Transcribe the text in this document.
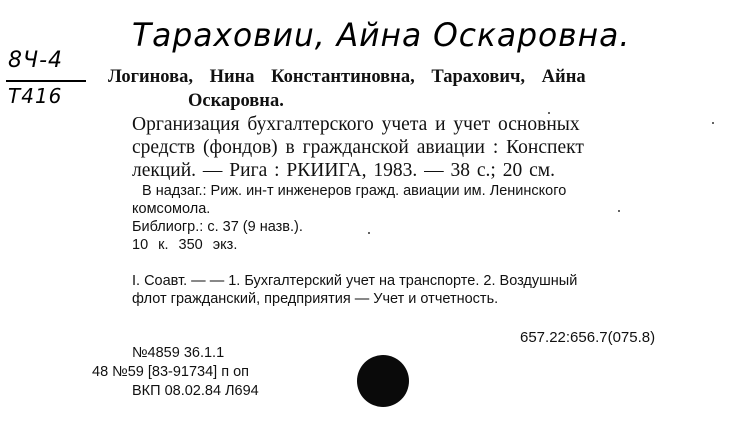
Тараховиu, Айна Оскаровна.
8Ч-4
Т416
Логинова, Нина Константиновна, Тарахович, Айна
Оскаровна.
Организация бухгалтерского учета и учет основных
средств (фондов) в гражданской авиации : Конспект
лекций. — Рига : РКИИГА, 1983. — 38 с.; 20 см.
В надзаг.: Риж. ин-т инженеров гражд. авиации им. Ленинского
комсомола.
Библиогр.: с. 37 (9 назв.).
10 к. 350 экз.
I. Соавт. — — 1. Бухгалтерский учет на транспорте. 2. Воздушный
флот гражданский, предприятия — Учет и отчетность.
657.22:656.7(075.8)
№4859 36.1.1
48 №59 [83-91734] п оп
ВКП 08.02.84 Л694
